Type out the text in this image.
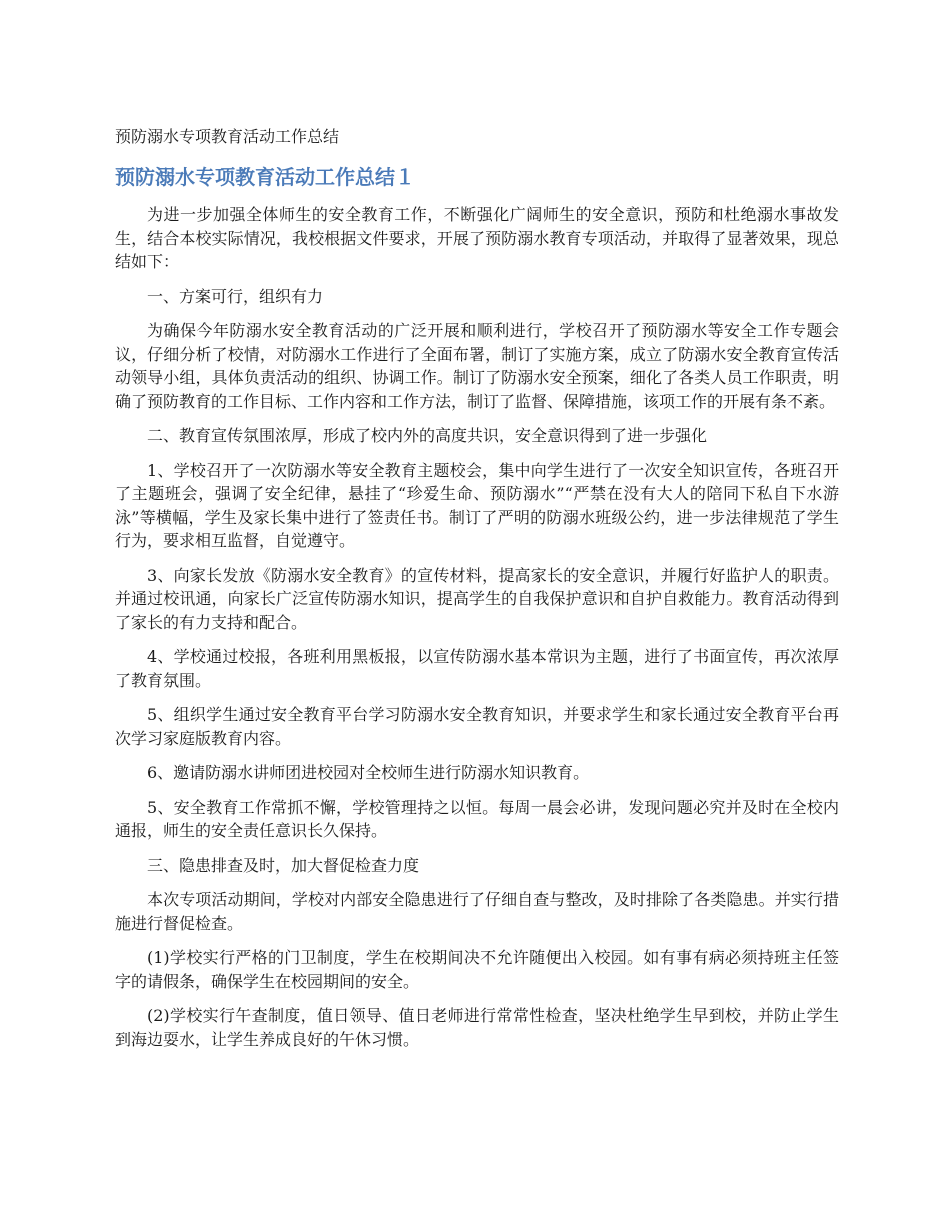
预防溺水专项教育活动工作总结
预防溺水专项教育活动工作总结１

为进一步加强全体师生的安全教育工作，不断强化广阔师生的安全意识，预防和杜绝溺水事故发生，结合本校实际情况，我校根据文件要求，开展了预防溺水教育专项活动，并取得了显著效果，现总结如下：

一、方案可行，组织有力

为确保今年防溺水安全教育活动的广泛开展和顺利进行，学校召开了预防溺水等安全工作专题会议，仔细分析了校情，对防溺水工作进行了全面布署，制订了实施方案，成立了防溺水安全教育宣传活动领导小组，具体负责活动的组织、协调工作。制订了防溺水安全预案，细化了各类人员工作职责，明确了预防教育的工作目标、工作内容和工作方法，制订了监督、保障措施，该项工作的开展有条不紊。

二、教育宣传氛围浓厚，形成了校内外的高度共识，安全意识得到了进一步强化

1、学校召开了一次防溺水等安全教育主题校会，集中向学生进行了一次安全知识宣传，各班召开了主题班会，强调了安全纪律，悬挂了“珍爱生命、预防溺水”“严禁在没有大人的陪同下私自下水游泳”等横幅，学生及家长集中进行了签责任书。制订了严明的防溺水班级公约，进一步法律规范了学生行为，要求相互监督，自觉遵守。

3、向家长发放《防溺水安全教育》的宣传材料，提高家长的安全意识，并履行好监护人的职责。并通过校讯通，向家长广泛宣传防溺水知识，提高学生的自我保护意识和自护自救能力。教育活动得到了家长的有力支持和配合。

4、学校通过校报，各班利用黑板报，以宣传防溺水基本常识为主题，进行了书面宣传，再次浓厚了教育氛围。

5、组织学生通过安全教育平台学习防溺水安全教育知识，并要求学生和家长通过安全教育平台再次学习家庭版教育内容。

6、邀请防溺水讲师团进校园对全校师生进行防溺水知识教育。

5、安全教育工作常抓不懈，学校管理持之以恒。每周一晨会必讲，发现问题必究并及时在全校内通报，师生的安全责任意识长久保持。

三、隐患排查及时，加大督促检查力度

本次专项活动期间，学校对内部安全隐患进行了仔细自查与整改，及时排除了各类隐患。并实行措施进行督促检查。

(1)学校实行严格的门卫制度，学生在校期间决不允许随便出入校园。如有事有病必须持班主任签字的请假条，确保学生在校园期间的安全。

(2)学校实行午查制度，值日领导、值日老师进行常常性检查，坚决杜绝学生早到校，并防止学生到海边耍水，让学生养成良好的午休习惯。
